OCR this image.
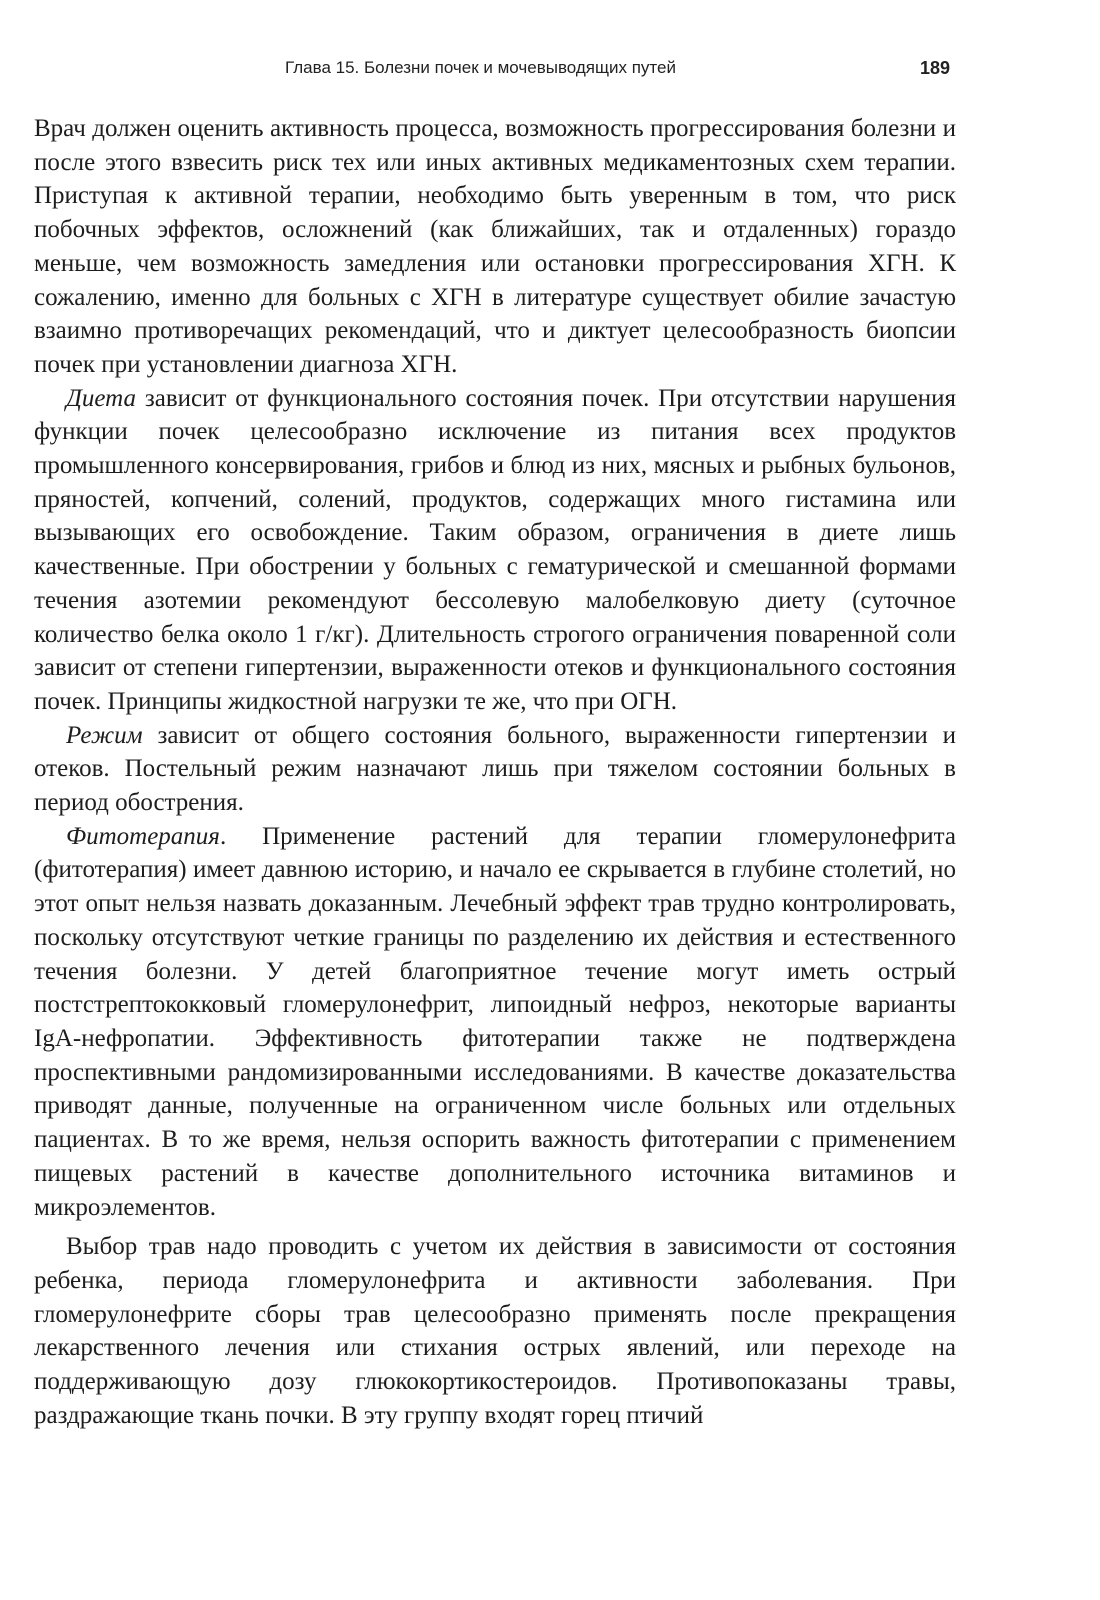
Глава 15. Болезни почек и мочевыводящих путей	189

Врач должен оценить активность процесса, возможность прогрессирования болезни и после этого взвесить риск тех или иных активных медикаментозных схем терапии. Приступая к активной терапии, необходимо быть уверенным в том, что риск побочных эффектов, осложнений (как ближайших, так и отдаленных) гораздо меньше, чем возможность замедления или остановки прогрессирования ХГН. К сожалению, именно для больных с ХГН в литературе существует обилие зачастую взаимно противоречащих рекомендаций, что и диктует целесообразность биопсии почек при установлении диагноза ХГН.

Диета зависит от функционального состояния почек. При отсутствии нарушения функции почек целесообразно исключение из питания всех продуктов промышленного консервирования, грибов и блюд из них, мясных и рыбных бульонов, пряностей, копчений, солений, продуктов, содержащих много гистамина или вызывающих его освобождение. Таким образом, ограничения в диете лишь качественные. При обострении у больных с гематурической и смешанной формами течения азотемии рекомендуют бессолевую малобелковую диету (суточное количество белка около 1 г/кг). Длительность строгого ограничения поваренной соли зависит от степени гипертензии, выраженности отеков и функционального состояния почек. Принципы жидкостной нагрузки те же, что при ОГН.

Режим зависит от общего состояния больного, выраженности гипертензии и отеков. Постельный режим назначают лишь при тяжелом состоянии больных в период обострения.

Фитотерапия. Применение растений для терапии гломерулонефрита (фитотерапия) имеет давнюю историю, и начало ее скрывается в глубине столетий, но этот опыт нельзя назвать доказанным. Лечебный эффект трав трудно контролировать, поскольку отсутствуют четкие границы по разделению их действия и естественного течения болезни. У детей благоприятное течение могут иметь острый постстрептококковый гломерулонефрит, липоидный нефроз, некоторые варианты IgA-нефропатии. Эффективность фитотерапии также не подтверждена проспективными рандомизированными исследованиями. В качестве доказательства приводят данные, полученные на ограниченном числе больных или отдельных пациентах. В то же время, нельзя оспорить важность фитотерапии с применением пищевых растений в качестве дополнительного источника витаминов и микроэлементов.

Выбор трав надо проводить с учетом их действия в зависимости от состояния ребенка, периода гломерулонефрита и активности заболевания. При гломерулонефрите сборы трав целесообразно применять после прекращения лекарственного лечения или стихания острых явлений, или переходе на поддерживающую дозу глюкокортикостероидов. Противопоказаны травы, раздражающие ткань почки. В эту группу входят горец птичий
